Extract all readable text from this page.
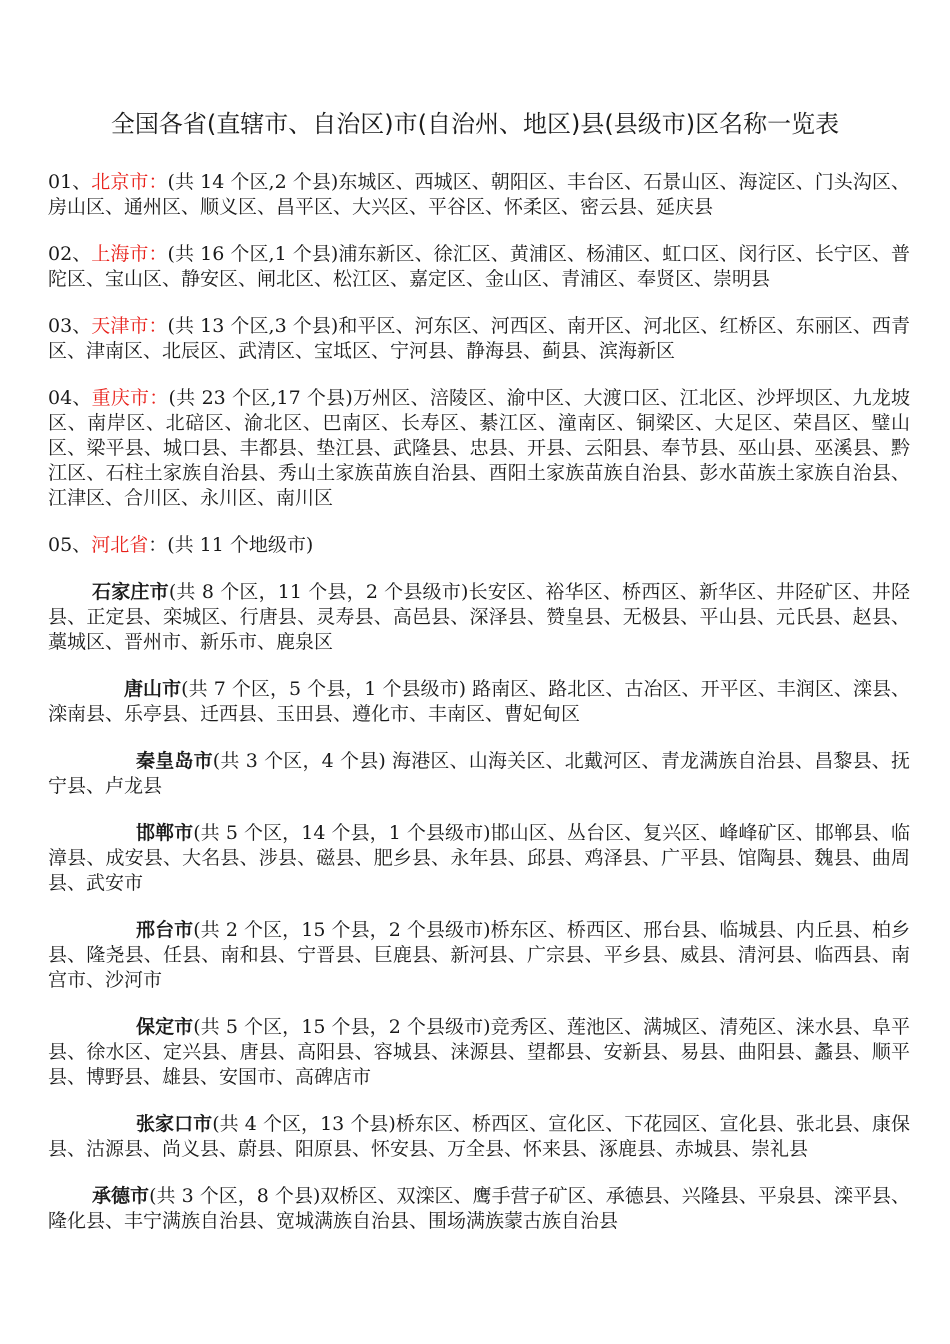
全国各省(直辖市、自治区)市(自治州、地区)县(县级市)区名称一览表

01、北京市：(共 14 个区,2 个县)东城区、西城区、朝阳区、丰台区、石景山区、海淀区、门头沟区、房山区、通州区、顺义区、昌平区、大兴区、平谷区、怀柔区、密云县、延庆县

02、上海市：(共 16 个区,1 个县)浦东新区、徐汇区、黄浦区、杨浦区、虹口区、闵行区、长宁区、普陀区、宝山区、静安区、闸北区、松江区、嘉定区、金山区、青浦区、奉贤区、崇明县

03、天津市：(共 13 个区,3 个县)和平区、河东区、河西区、南开区、河北区、红桥区、东丽区、西青区、津南区、北辰区、武清区、宝坻区、宁河县、静海县、蓟县、滨海新区

04、重庆市：(共 23 个区,17 个县)万州区、涪陵区、渝中区、大渡口区、江北区、沙坪坝区、九龙坡区、南岸区、北碚区、渝北区、巴南区、长寿区、綦江区、潼南区、铜梁区、大足区、荣昌区、璧山区、梁平县、城口县、丰都县、垫江县、武隆县、忠县、开县、云阳县、奉节县、巫山县、巫溪县、黔江区、石柱土家族自治县、秀山土家族苗族自治县、酉阳土家族苗族自治县、彭水苗族土家族自治县、江津区、合川区、永川区、南川区

05、河北省：(共 11 个地级市)

石家庄市(共 8 个区，11 个县，2 个县级市)长安区、裕华区、桥西区、新华区、井陉矿区、井陉县、正定县、栾城区、行唐县、灵寿县、高邑县、深泽县、赞皇县、无极县、平山县、元氏县、赵县、藁城区、晋州市、新乐市、鹿泉区

唐山市(共 7 个区，5 个县，1 个县级市) 路南区、路北区、古冶区、开平区、丰润区、滦县、滦南县、乐亭县、迁西县、玉田县、遵化市、丰南区、曹妃甸区

秦皇岛市(共 3 个区，4 个县) 海港区、山海关区、北戴河区、青龙满族自治县、昌黎县、抚宁县、卢龙县

邯郸市(共 5 个区，14 个县，1 个县级市)邯山区、丛台区、复兴区、峰峰矿区、邯郸县、临漳县、成安县、大名县、涉县、磁县、肥乡县、永年县、邱县、鸡泽县、广平县、馆陶县、魏县、曲周县、武安市

邢台市(共 2 个区，15 个县，2 个县级市)桥东区、桥西区、邢台县、临城县、内丘县、柏乡县、隆尧县、任县、南和县、宁晋县、巨鹿县、新河县、广宗县、平乡县、威县、清河县、临西县、南宫市、沙河市

保定市(共 5 个区，15 个县，2 个县级市)竞秀区、莲池区、满城区、清苑区、涞水县、阜平县、徐水区、定兴县、唐县、高阳县、容城县、涞源县、望都县、安新县、易县、曲阳县、蠡县、顺平县、博野县、雄县、安国市、高碑店市

张家口市(共 4 个区，13 个县)桥东区、桥西区、宣化区、下花园区、宣化县、张北县、康保县、沽源县、尚义县、蔚县、阳原县、怀安县、万全县、怀来县、涿鹿县、赤城县、崇礼县

承德市(共 3 个区，8 个县)双桥区、双滦区、鹰手营子矿区、承德县、兴隆县、平泉县、滦平县、隆化县、丰宁满族自治县、宽城满族自治县、围场满族蒙古族自治县
